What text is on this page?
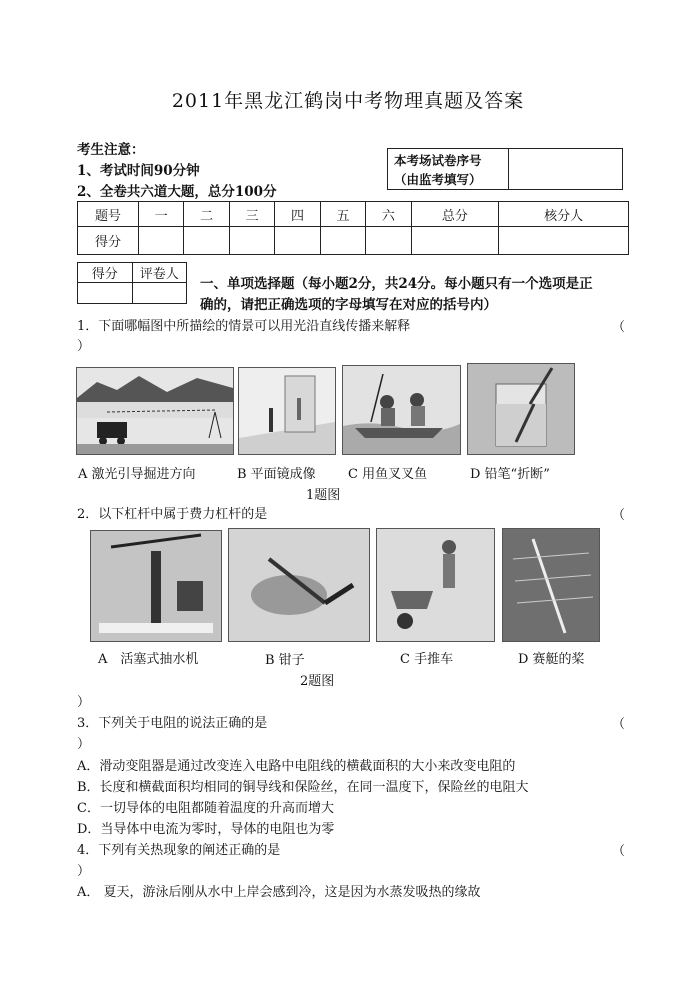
2011年黑龙江鹤岗中考物理真题及答案
考生注意：
1、考试时间90分钟
2、全卷共六道大题，总分100分
本考场试卷序号
（由监考填写）
题号	一	二	三	四	五	六	总分	核分人
得分								
得分	评卷人

一、单项选择题（每小题2分，共24分。每小题只有一个选项是正
确的，请把正确选项的字母填写在对应的括号内）
1．下面哪幅图中所描绘的情景可以用光沿直线传播来解释	（
）
A 激光引导掘进方向	B 平面镜成像 C 用鱼叉叉鱼	D 铅笔“折断”
1题图
2．以下杠杆中属于费力杠杆的是	（
A　活塞式抽水机	B 钳子	C 手推车	D 赛艇的桨
2题图
）
3．下列关于电阻的说法正确的是	（
）
A．滑动变阻器是通过改变连入电路中电阻线的横截面积的大小来改变电阻的
B．长度和横截面积均相同的铜导线和保险丝，在同一温度下，保险丝的电阻大
C．一切导体的电阻都随着温度的升高而增大
D．当导体中电流为零时，导体的电阻也为零
4．下列有关热现象的阐述正确的是	（
）
A． 夏天，游泳后刚从水中上岸会感到冷，这是因为水蒸发吸热的缘故
